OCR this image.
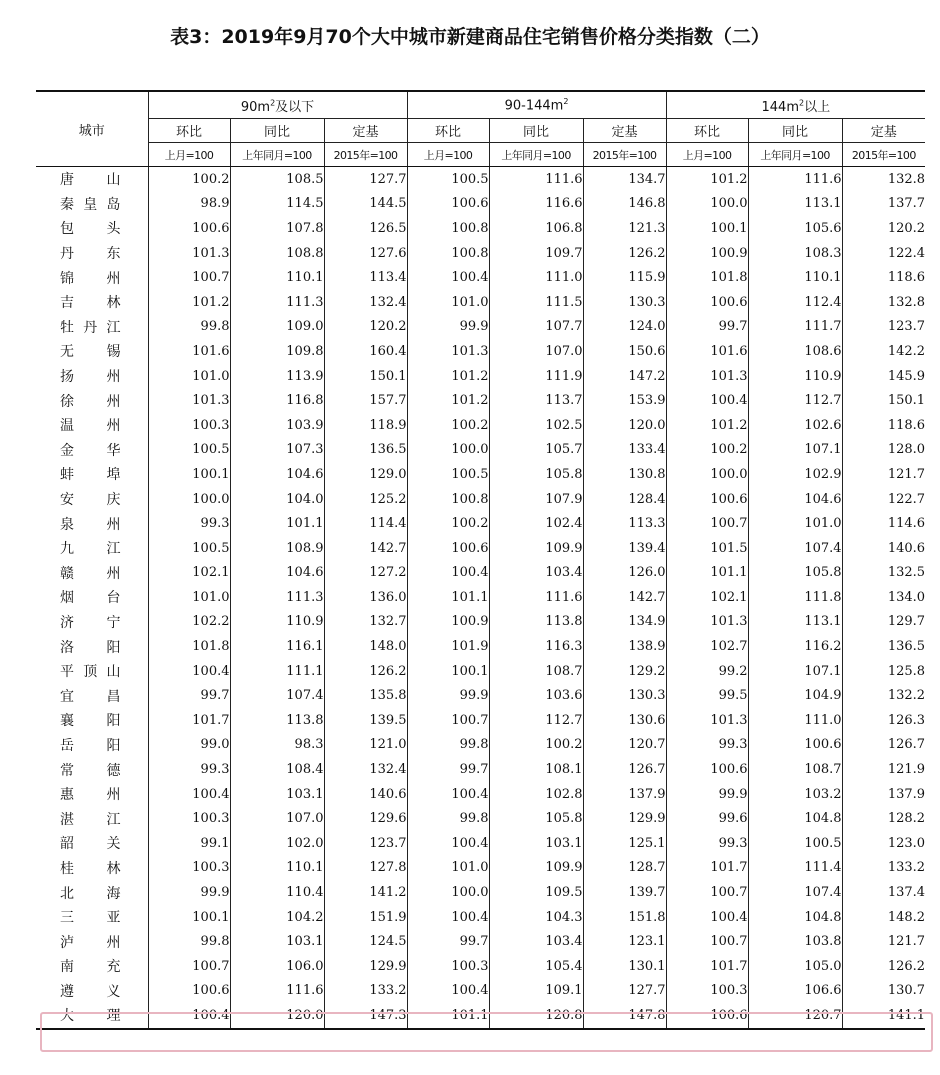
表3：2019年9月70个大中城市新建商品住宅销售价格分类指数（二）
城市	$90m^2$及以下			$90-144m^2$			$144m^2$以上		
	环比	同比	定基	环比	同比	定基	环比	同比	定基
	上月=100	上年同月=100	2015年=100	上月=100	上年同月=100	2015年=100	上月=100	上年同月=100	2015年=100
唐山	100.2	108.5	127.7	100.5	111.6	134.7	101.2	111.6	132.8
秦皇岛	98.9	114.5	144.5	100.6	116.6	146.8	100.0	113.1	137.7
包头	100.6	107.8	126.5	100.8	106.8	121.3	100.1	105.6	120.2
丹东	101.3	108.8	127.6	100.8	109.7	126.2	100.9	108.3	122.4
锦州	100.7	110.1	113.4	100.4	111.0	115.9	101.8	110.1	118.6
吉林	101.2	111.3	132.4	101.0	111.5	130.3	100.6	112.4	132.8
牡丹江	99.8	109.0	120.2	99.9	107.7	124.0	99.7	111.7	123.7
无锡	101.6	109.8	160.4	101.3	107.0	150.6	101.6	108.6	142.2
扬州	101.0	113.9	150.1	101.2	111.9	147.2	101.3	110.9	145.9
徐州	101.3	116.8	157.7	101.2	113.7	153.9	100.4	112.7	150.1
温州	100.3	103.9	118.9	100.2	102.5	120.0	101.2	102.6	118.6
金华	100.5	107.3	136.5	100.0	105.7	133.4	100.2	107.1	128.0
蚌埠	100.1	104.6	129.0	100.5	105.8	130.8	100.0	102.9	121.7
安庆	100.0	104.0	125.2	100.8	107.9	128.4	100.6	104.6	122.7
泉州	99.3	101.1	114.4	100.2	102.4	113.3	100.7	101.0	114.6
九江	100.5	108.9	142.7	100.6	109.9	139.4	101.5	107.4	140.6
赣州	102.1	104.6	127.2	100.4	103.4	126.0	101.1	105.8	132.5
烟台	101.0	111.3	136.0	101.1	111.6	142.7	102.1	111.8	134.0
济宁	102.2	110.9	132.7	100.9	113.8	134.9	101.3	113.1	129.7
洛阳	101.8	116.1	148.0	101.9	116.3	138.9	102.7	116.2	136.5
平顶山	100.4	111.1	126.2	100.1	108.7	129.2	99.2	107.1	125.8
宜昌	99.7	107.4	135.8	99.9	103.6	130.3	99.5	104.9	132.2
襄阳	101.7	113.8	139.5	100.7	112.7	130.6	101.3	111.0	126.3
岳阳	99.0	98.3	121.0	99.8	100.2	120.7	99.3	100.6	126.7
常德	99.3	108.4	132.4	99.7	108.1	126.7	100.6	108.7	121.9
惠州	100.4	103.1	140.6	100.4	102.8	137.9	99.9	103.2	137.9
湛江	100.3	107.0	129.6	99.8	105.8	129.9	99.6	104.8	128.2
韶关	99.1	102.0	123.7	100.4	103.1	125.1	99.3	100.5	123.0
桂林	100.3	110.1	127.8	101.0	109.9	128.7	101.7	111.4	133.2
北海	99.9	110.4	141.2	100.0	109.5	139.7	100.7	107.4	137.4
三亚	100.1	104.2	151.9	100.4	104.3	151.8	100.4	104.8	148.2
泸州	99.8	103.1	124.5	99.7	103.4	123.1	100.7	103.8	121.7
南充	100.7	106.0	129.9	100.3	105.4	130.1	101.7	105.0	126.2
遵义	100.6	111.6	133.2	100.4	109.1	127.7	100.3	106.6	130.7
大理	100.4	120.0	147.3	101.1	120.8	147.8	100.6	120.7	141.1
